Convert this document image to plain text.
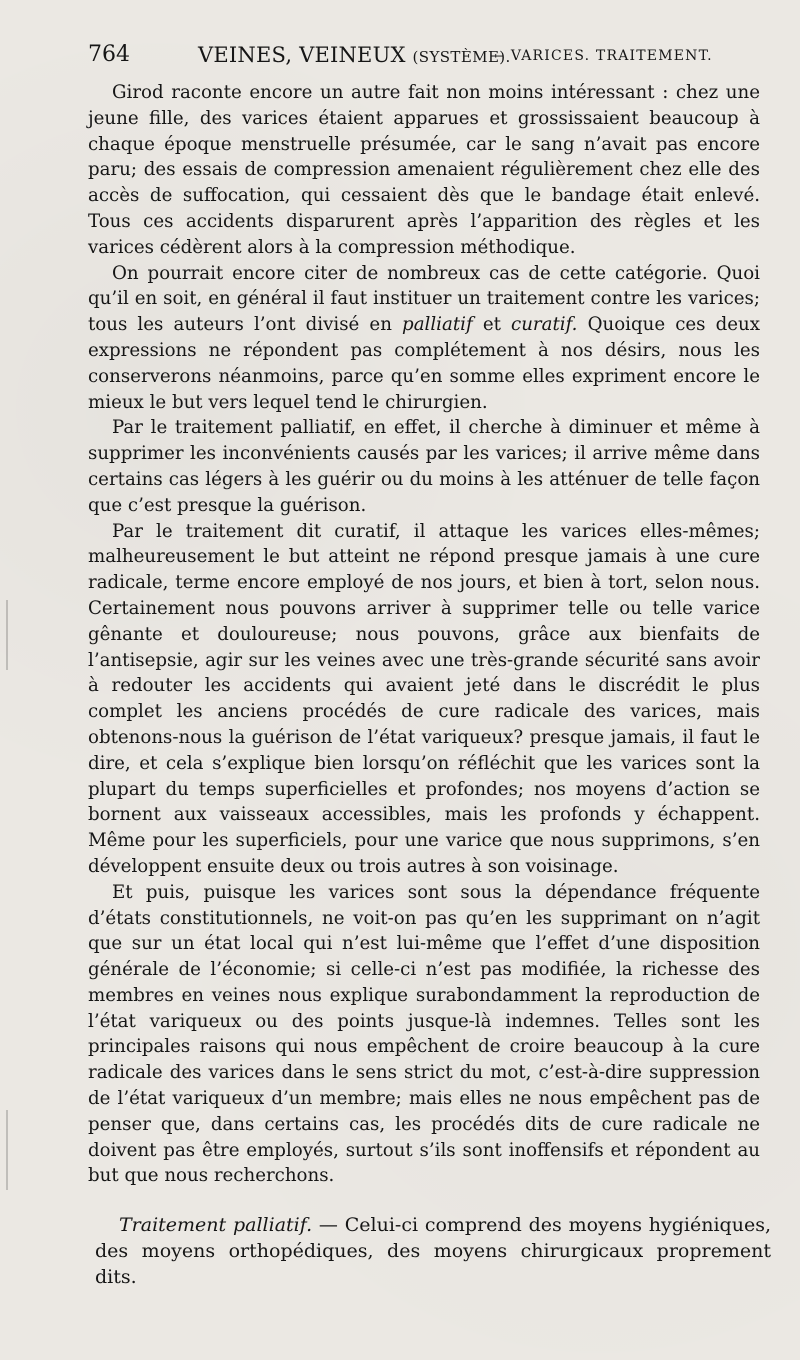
764	VEINES, VEINEUX (SYSTÈME).
— VARICES. TRAITEMENT.

Girod raconte encore un autre fait non moins intéressant : chez une jeune fille, des varices étaient apparues et grossissaient beaucoup à chaque époque menstruelle présumée, car le sang n’avait pas encore paru; des essais de compression amenaient régulièrement chez elle des accès de suffocation, qui cessaient dès que le bandage était enlevé. Tous ces accidents disparurent après l’apparition des règles et les varices cédèrent alors à la compression méthodique.

On pourrait encore citer de nombreux cas de cette catégorie. Quoi qu’il en soit, en général il faut instituer un traitement contre les varices; tous les auteurs l’ont divisé en palliatif et curatif. Quoique ces deux expressions ne répondent pas complétement à nos désirs, nous les conserverons néanmoins, parce qu’en somme elles expriment encore le mieux le but vers lequel tend le chirurgien.

Par le traitement palliatif, en effet, il cherche à diminuer et même à supprimer les inconvénients causés par les varices; il arrive même dans certains cas légers à les guérir ou du moins à les atténuer de telle façon que c’est presque la guérison.

Par le traitement dit curatif, il attaque les varices elles-mêmes; malheureusement le but atteint ne répond presque jamais à une cure radicale, terme encore employé de nos jours, et bien à tort, selon nous. Certainement nous pouvons arriver à supprimer telle ou telle varice gênante et douloureuse; nous pouvons, grâce aux bienfaits de l’antisepsie, agir sur les veines avec une très-grande sécurité sans avoir à redouter les accidents qui avaient jeté dans le discrédit le plus complet les anciens procédés de cure radicale des varices, mais obtenons-nous la guérison de l’état variqueux? presque jamais, il faut le dire, et cela s’explique bien lorsqu’on réfléchit que les varices sont la plupart du temps superficielles et profondes; nos moyens d’action se bornent aux vaisseaux accessibles, mais les profonds y échappent. Même pour les superficiels, pour une varice que nous supprimons, s’en développent ensuite deux ou trois autres à son voisinage.

Et puis, puisque les varices sont sous la dépendance fréquente d’états constitutionnels, ne voit-on pas qu’en les supprimant on n’agit que sur un état local qui n’est lui-même que l’effet d’une disposition générale de l’économie; si celle-ci n’est pas modifiée, la richesse des membres en veines nous explique surabondamment la reproduction de l’état variqueux ou des points jusque-là indemnes. Telles sont les principales raisons qui nous empêchent de croire beaucoup à la cure radicale des varices dans le sens strict du mot, c’est-à-dire suppression de l’état variqueux d’un membre; mais elles ne nous empêchent pas de penser que, dans certains cas, les procédés dits de cure radicale ne doivent pas être employés, surtout s’ils sont inoffensifs et répondent au but que nous recherchons.

Traitement palliatif. — Celui-ci comprend des moyens hygiéniques, des moyens orthopédiques, des moyens chirurgicaux proprement dits.
